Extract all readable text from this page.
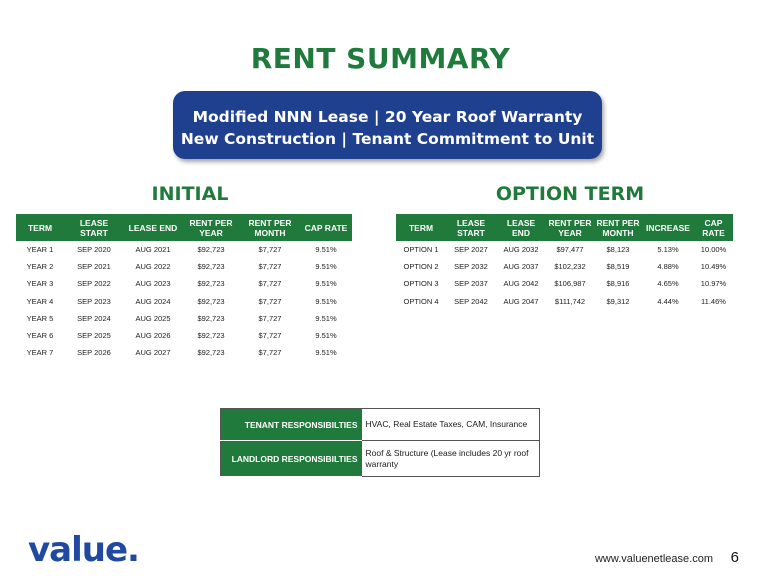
RENT SUMMARY
Modified NNN Lease | 20 Year Roof Warranty
New Construction | Tenant Commitment to Unit
INITIAL	OPTION TERM
TERM	LEASE START	LEASE END	RENT PER YEAR	RENT PER MONTH	CAP RATE
YEAR 1	SEP 2020	AUG 2021	$92,723	$7,727	9.51%
YEAR 2	SEP 2021	AUG 2022	$92,723	$7,727	9.51%
YEAR 3	SEP 2022	AUG 2023	$92,723	$7,727	9.51%
YEAR 4	SEP 2023	AUG 2024	$92,723	$7,727	9.51%
YEAR 5	SEP 2024	AUG 2025	$92,723	$7,727	9.51%
YEAR 6	SEP 2025	AUG 2026	$92,723	$7,727	9.51%
YEAR 7	SEP 2026	AUG 2027	$92,723	$7,727	9.51%
TERM	LEASE START	LEASE END	RENT PER YEAR	RENT PER MONTH	INCREASE	CAP RATE
OPTION 1	SEP 2027	AUG 2032	$97,477	$8,123	5.13%	10.00%
OPTION 2	SEP 2032	AUG 2037	$102,232	$8,519	4.88%	10.49%
OPTION 3	SEP 2037	AUG 2042	$106,987	$8,916	4.65%	10.97%
OPTION 4	SEP 2042	AUG 2047	$111,742	$9,312	4.44%	11.46%
TENANT RESPONSIBILTIES	HVAC, Real Estate Taxes, CAM, Insurance
LANDLORD RESPONSIBILTIES	Roof & Structure (Lease includes 20 yr roof warranty
value.	www.valuenetlease.com 6
